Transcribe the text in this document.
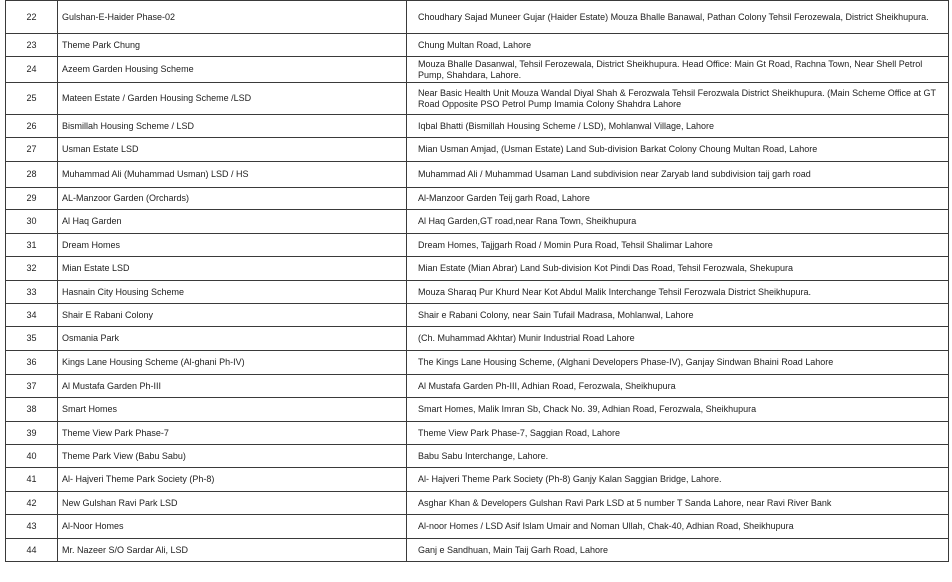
22	Gulshan-E-Haider Phase-02	Choudhary Sajad Muneer Gujar (Haider Estate) Mouza Bhalle Banawal, Pathan Colony Tehsil Ferozewala, District Sheikhupura.
23	Theme Park Chung	Chung Multan Road, Lahore
24	Azeem Garden Housing Scheme	Mouza Bhalle Dasanwal, Tehsil Ferozewala, District Sheikhupura. Head Office: Main Gt Road, Rachna Town, Near Shell Petrol Pump, Shahdara, Lahore.
25	Mateen Estate / Garden Housing Scheme /LSD	Near Basic Health Unit Mouza Wandal Diyal Shah & Ferozwala Tehsil Ferozwala District Sheikhupura. (Main Scheme Office at GT Road Opposite PSO Petrol Pump Imamia Colony Shahdra Lahore
26	Bismillah Housing Scheme / LSD	Iqbal Bhatti (Bismillah Housing Scheme / LSD), Mohlanwal Village, Lahore
27	Usman Estate LSD	Mian Usman Amjad, (Usman Estate) Land Sub-division Barkat Colony Choung Multan Road, Lahore
28	Muhammad Ali (Muhammad Usman) LSD / HS	Muhammad Ali / Muhammad Usaman Land subdivision near Zaryab land subdivision taij garh road
29	AL-Manzoor Garden (Orchards)	Al-Manzoor Garden Teij garh Road, Lahore
30	Al Haq Garden	Al Haq Garden,GT road,near Rana Town, Sheikhupura
31	Dream Homes	Dream Homes, Tajjgarh Road / Momin Pura Road, Tehsil Shalimar Lahore
32	Mian Estate LSD	Mian Estate (Mian Abrar) Land Sub-division Kot Pindi Das Road, Tehsil Ferozwala, Shekupura
33	Hasnain City Housing Scheme	Mouza Sharaq Pur Khurd Near Kot Abdul Malik Interchange Tehsil Ferozwala District Sheikhupura.
34	Shair E Rabani Colony	Shair e Rabani Colony, near Sain Tufail Madrasa, Mohlanwal, Lahore
35	Osmania Park	(Ch. Muhammad Akhtar) Munir Industrial Road Lahore
36	Kings Lane Housing Scheme (Al-ghani Ph-IV)	The Kings Lane Housing Scheme, (Alghani Developers Phase-IV), Ganjay Sindwan Bhaini Road Lahore
37	Al Mustafa Garden Ph-III	Al Mustafa Garden Ph-III, Adhian Road, Ferozwala, Sheikhupura
38	Smart Homes	Smart Homes, Malik Imran Sb, Chack No. 39, Adhian Road, Ferozwala, Sheikhupura
39	Theme View Park Phase-7	Theme View Park Phase-7, Saggian Road, Lahore
40	Theme Park View (Babu Sabu)	Babu Sabu Interchange, Lahore.
41	Al- Hajveri Theme Park Society (Ph-8)	Al- Hajveri Theme Park Society (Ph-8) Ganjy Kalan Saggian Bridge, Lahore.
42	New Gulshan Ravi Park LSD	Asghar Khan & Developers Gulshan Ravi Park LSD at 5 number T Sanda Lahore, near Ravi River Bank
43	Al-Noor Homes	Al-noor Homes / LSD Asif Islam Umair and Noman Ullah, Chak-40, Adhian Road, Sheikhupura
44	Mr. Nazeer S/O Sardar Ali, LSD	Ganj e Sandhuan, Main Taij Garh Road, Lahore
